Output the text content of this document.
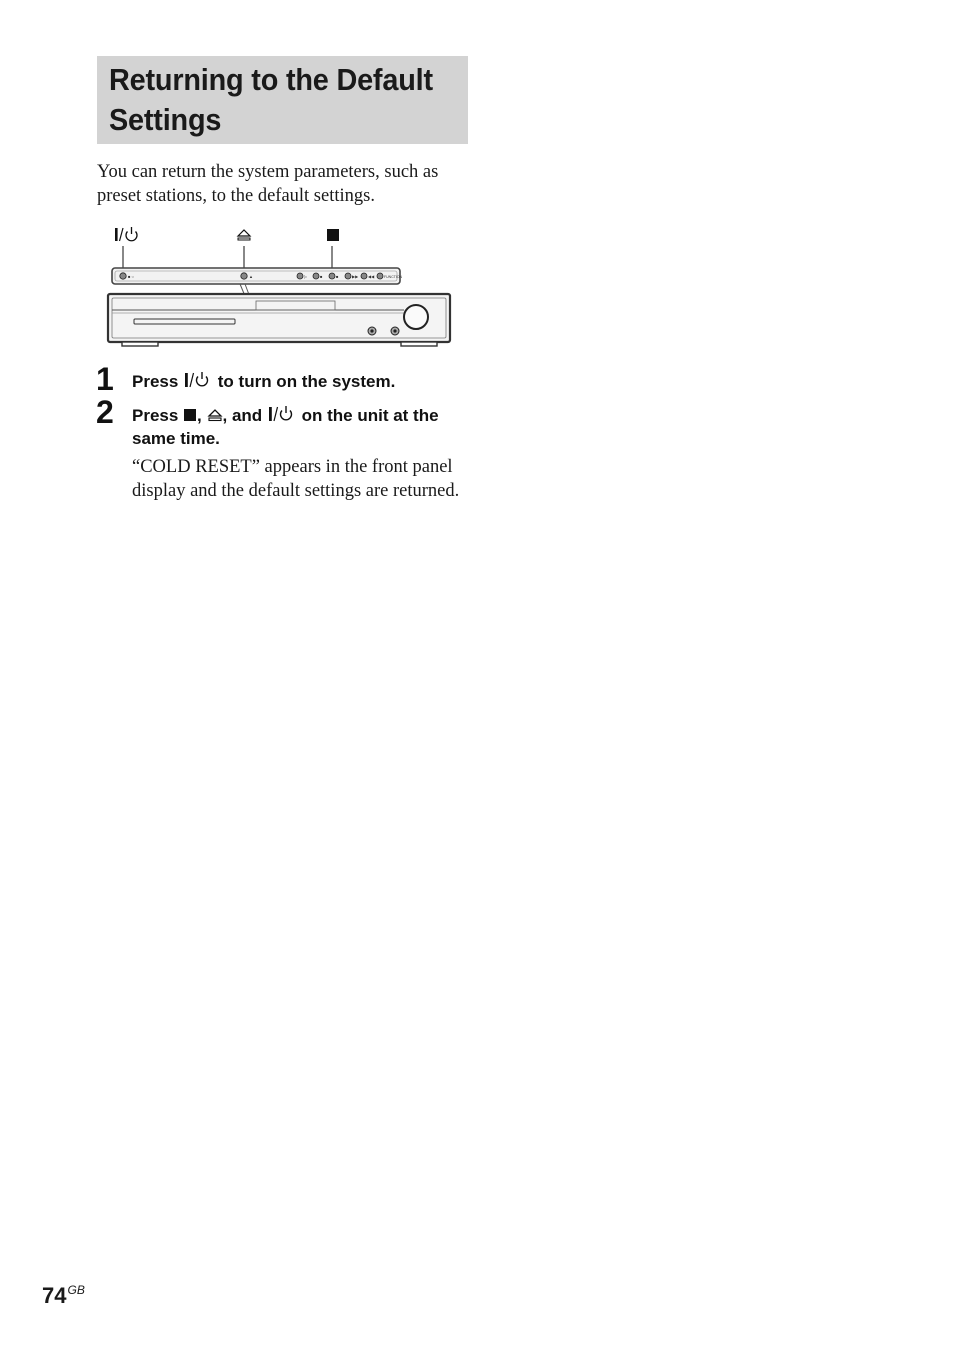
Returning to the Default
Settings
You can return the system parameters, such as
preset stations, to the default settings.
■ ○	▲	▷	■	■	▶▶ ◀◀	FUNCTION
1 Press  to turn on the system.
2 Press , , and  on the unit at the
same time.
“COLD RESET” appears in the front panel
display and the default settings are returned.
$74^{GB}$
